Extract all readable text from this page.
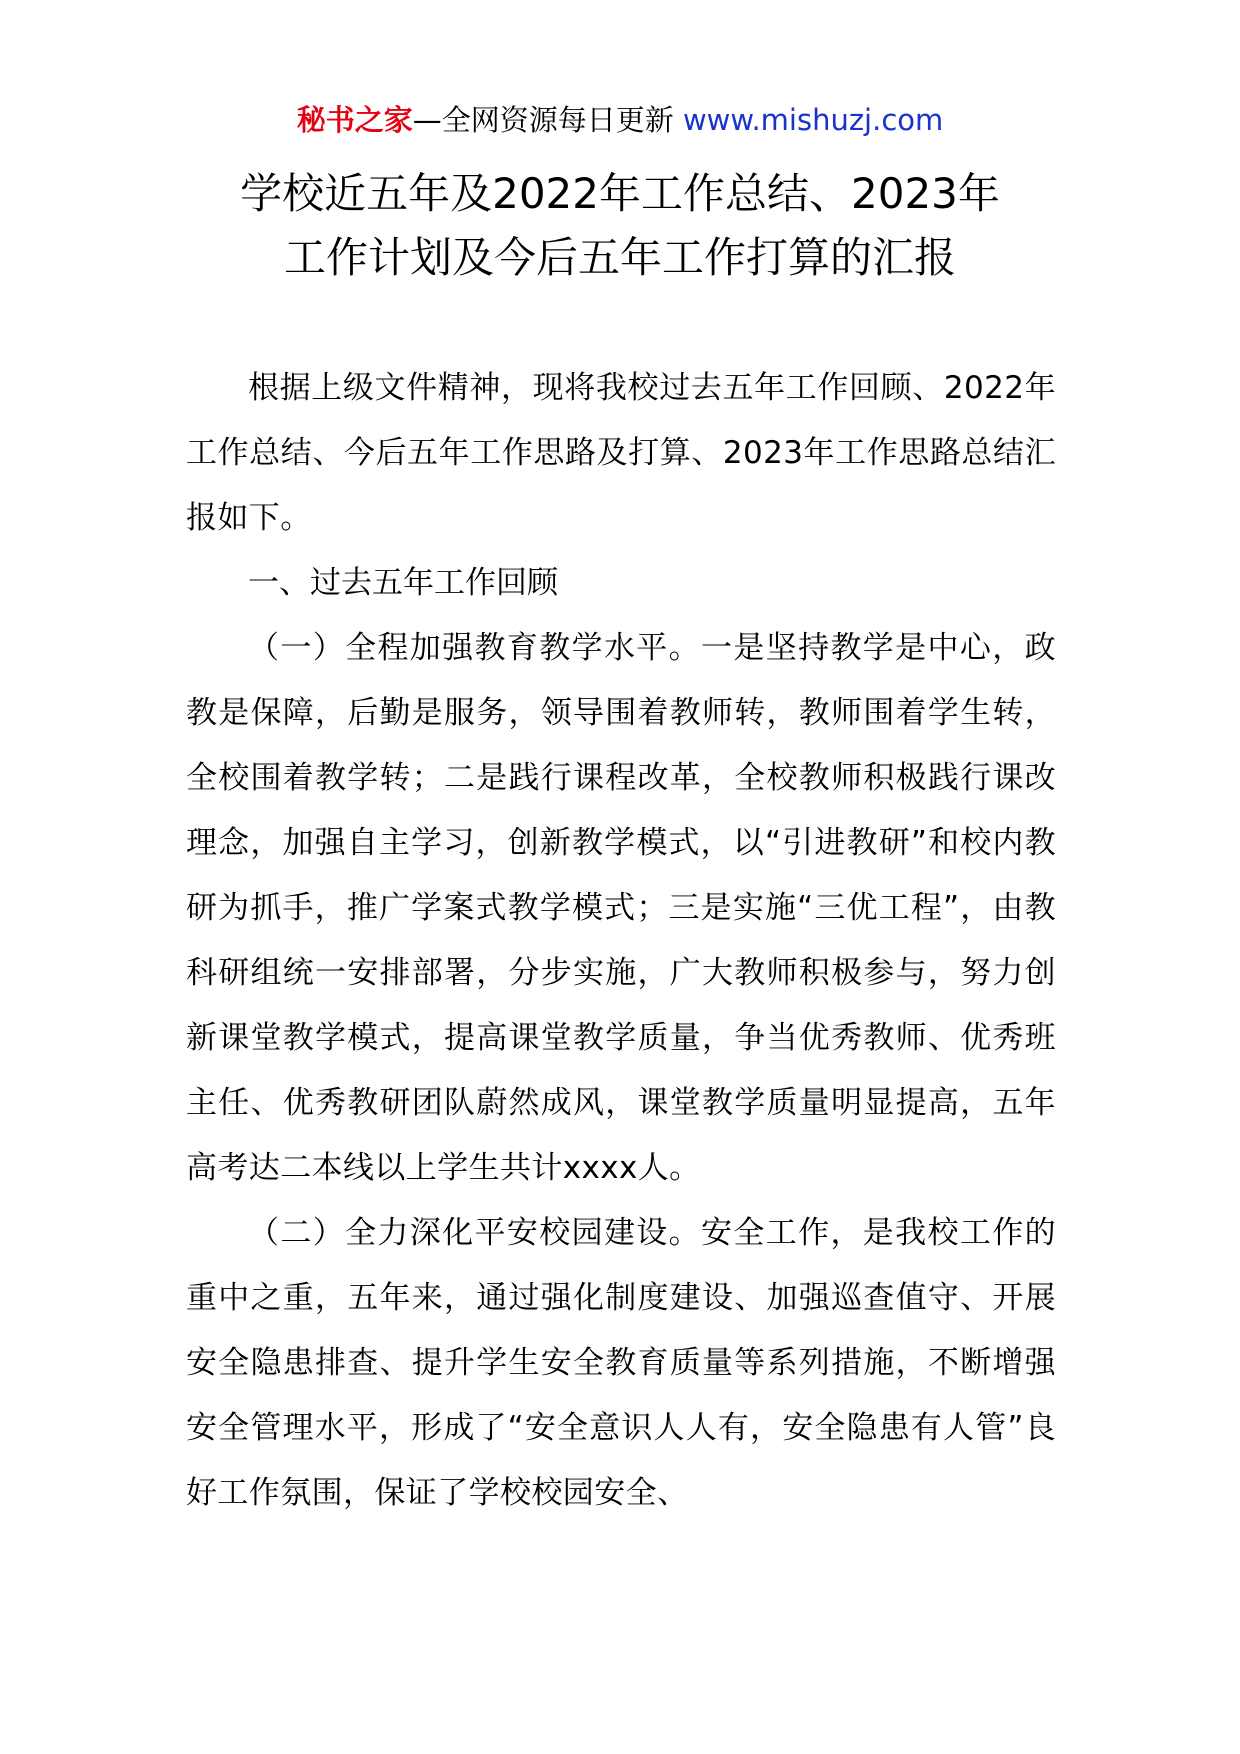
秘书之家—全网资源每日更新 www.mishuzj.com
学校近五年及2022年工作总结、2023年
工作计划及今后五年工作打算的汇报

根据上级文件精神，现将我校过去五年工作回顾、2022年工作总结、今后五年工作思路及打算、2023年工作思路总结汇报如下。

一、过去五年工作回顾

（一）全程加强教育教学水平。一是坚持教学是中心，政教是保障，后勤是服务，领导围着教师转，教师围着学生转，全校围着教学转；二是践行课程改革，全校教师积极践行课改理念，加强自主学习，创新教学模式，以“引进教研”和校内教研为抓手，推广学案式教学模式；三是实施“三优工程”，由教科研组统一安排部署，分步实施，广大教师积极参与，努力创新课堂教学模式，提高课堂教学质量，争当优秀教师、优秀班主任、优秀教研团队蔚然成风，课堂教学质量明显提高，五年高考达二本线以上学生共计xxxx人。

（二）全力深化平安校园建设。安全工作，是我校工作的重中之重，五年来，通过强化制度建设、加强巡查值守、开展安全隐患排查、提升学生安全教育质量等系列措施，不断增强安全管理水平，形成了“安全意识人人有，安全隐患有人管”良好工作氛围，保证了学校校园安全、
